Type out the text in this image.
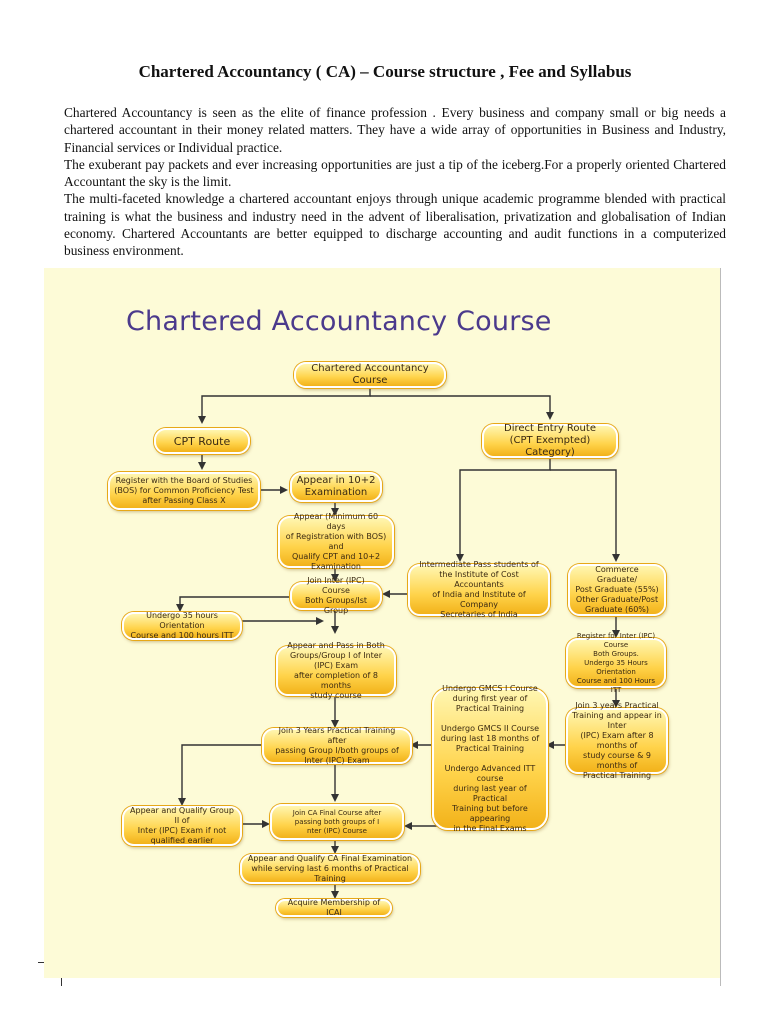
Chartered Accountancy ( CA) – Course structure , Fee and Syllabus

Chartered Accountancy is seen as the elite of finance profession . Every business and company small or big needs a chartered accountant in their money related matters. They have a wide array of opportunities in Business and Industry, Financial services or Individual practice.

The exuberant pay packets and ever increasing opportunities are just a tip of the iceberg.For a properly oriented Chartered Accountant the sky is the limit.

The multi-faceted knowledge a chartered accountant enjoys through unique academic programme blended with practical training is what the business and industry need in the advent of liberalisation, privatization and globalisation of Indian economy. Chartered Accountants are better equipped to discharge accounting and audit functions in a computerized business environment.

Chartered Accountancy Course
Chartered Accountancy Course
CPT Route
Direct Entry Route
(CPT Exempted) Category)
Register with the Board of Studies
(BOS) for Common Proficiency Test
after Passing Class X
Appear in 10+2
Examination
Appear (Minimum 60 days
of Registration with BOS) and
Qualify CPT and 10+2
Examination	Intermediate Pass students of
the Institute of Cost Accountants
of India and Institute of Company
Secretaries of India
Commerce Graduate/
Post Graduate (55%)
Other Graduate/Post
Graduate (60%)
Join Inter (IPC) Course
Both Groups/Ist Group
Undergo 35 hours Orientation
Course and 100 hours ITT	Register for Inter (IPC) Course
Both Groups.
Undergo 35 Hours Orientation
Course and 100 Hours ITT
Appear and Pass in Both
Groups/Group I of Inter (IPC) Exam
after completion of 8 months
study course
Undergo GMCS I Course
during first year of
Practical Training

Undergo GMCS II Course
during last 18 months of
Practical Training

Undergo Advanced ITT course
during last year of Practical
Training but before appearing
in the Final Exams
Join 3 Years Practical Training after
passing Group I/both groups of
Inter (IPC) Exam
Join 3 years Practical
Training and appear in Inter
(IPC) Exam after 8 months of
study course & 9 months of
Practical Training
Appear and Qualify Group II of
Inter (IPC) Exam if not
qualified earlier
Join CA Final Course after
passing both groups of I
nter (IPC) Course
Appear and Qualify CA Final Examination
while serving last 6 months of Practical Training
Acquire Membership of ICAI
